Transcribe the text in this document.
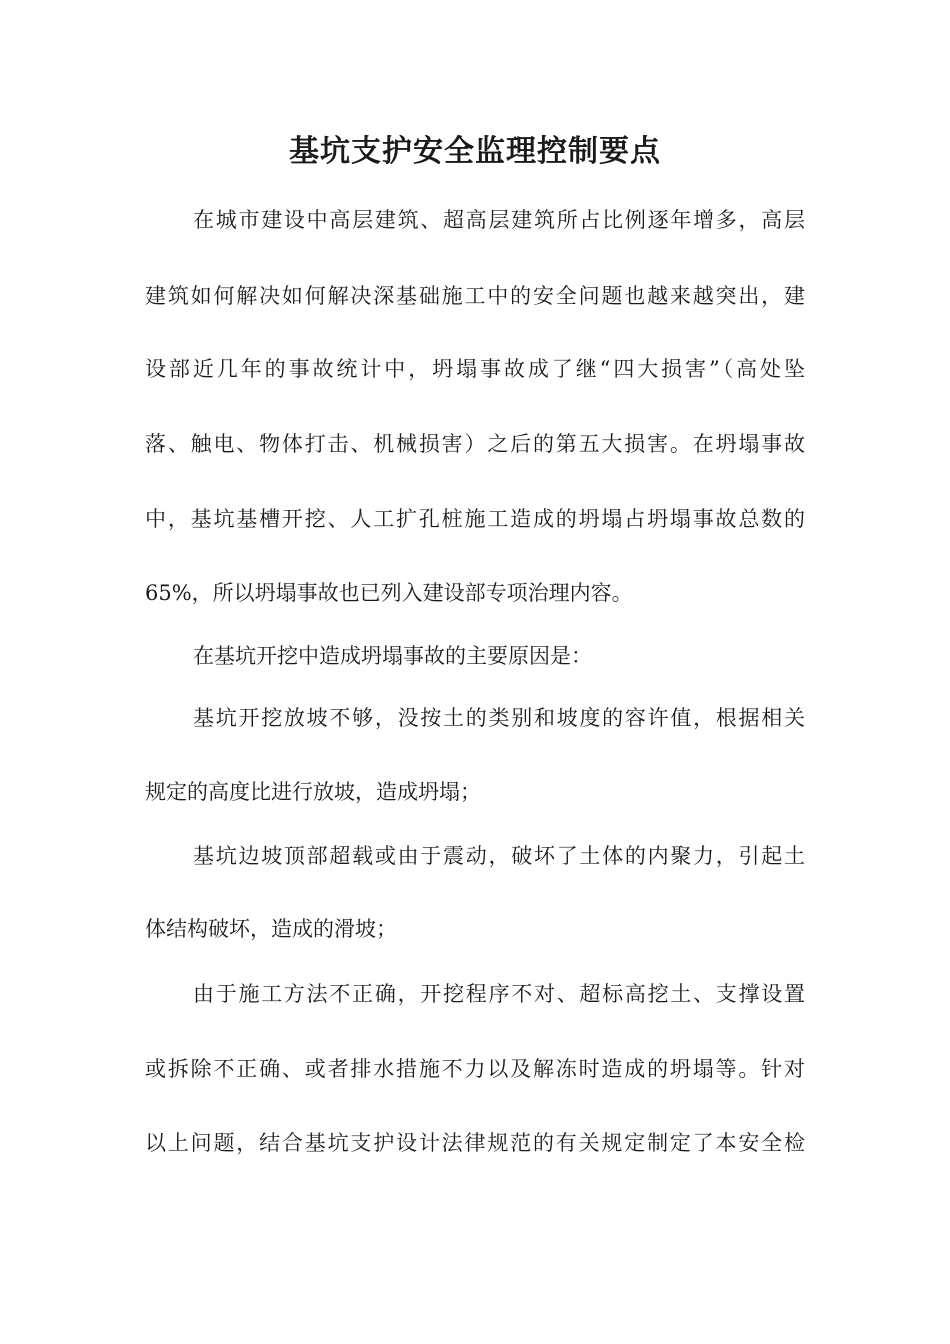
基坑支护安全监理控制要点

在城市建设中高层建筑、超高层建筑所占比例逐年增多，高层

建筑如何解决如何解决深基础施工中的安全问题也越来越突出，建

设部近几年的事故统计中，坍塌事故成了继“四大损害”（高处坠

落、触电、物体打击、机械损害）之后的第五大损害。在坍塌事故

中，基坑基槽开挖、人工扩孔桩施工造成的坍塌占坍塌事故总数的

65%，所以坍塌事故也已列入建设部专项治理内容。

在基坑开挖中造成坍塌事故的主要原因是：

基坑开挖放坡不够，没按土的类别和坡度的容许值，根据相关

规定的高度比进行放坡，造成坍塌；

基坑边坡顶部超载或由于震动，破坏了土体的内聚力，引起土

体结构破坏，造成的滑坡；

由于施工方法不正确，开挖程序不对、超标高挖土、支撑设置

或拆除不正确、或者排水措施不力以及解冻时造成的坍塌等。针对

以上问题，结合基坑支护设计法律规范的有关规定制定了本安全检
